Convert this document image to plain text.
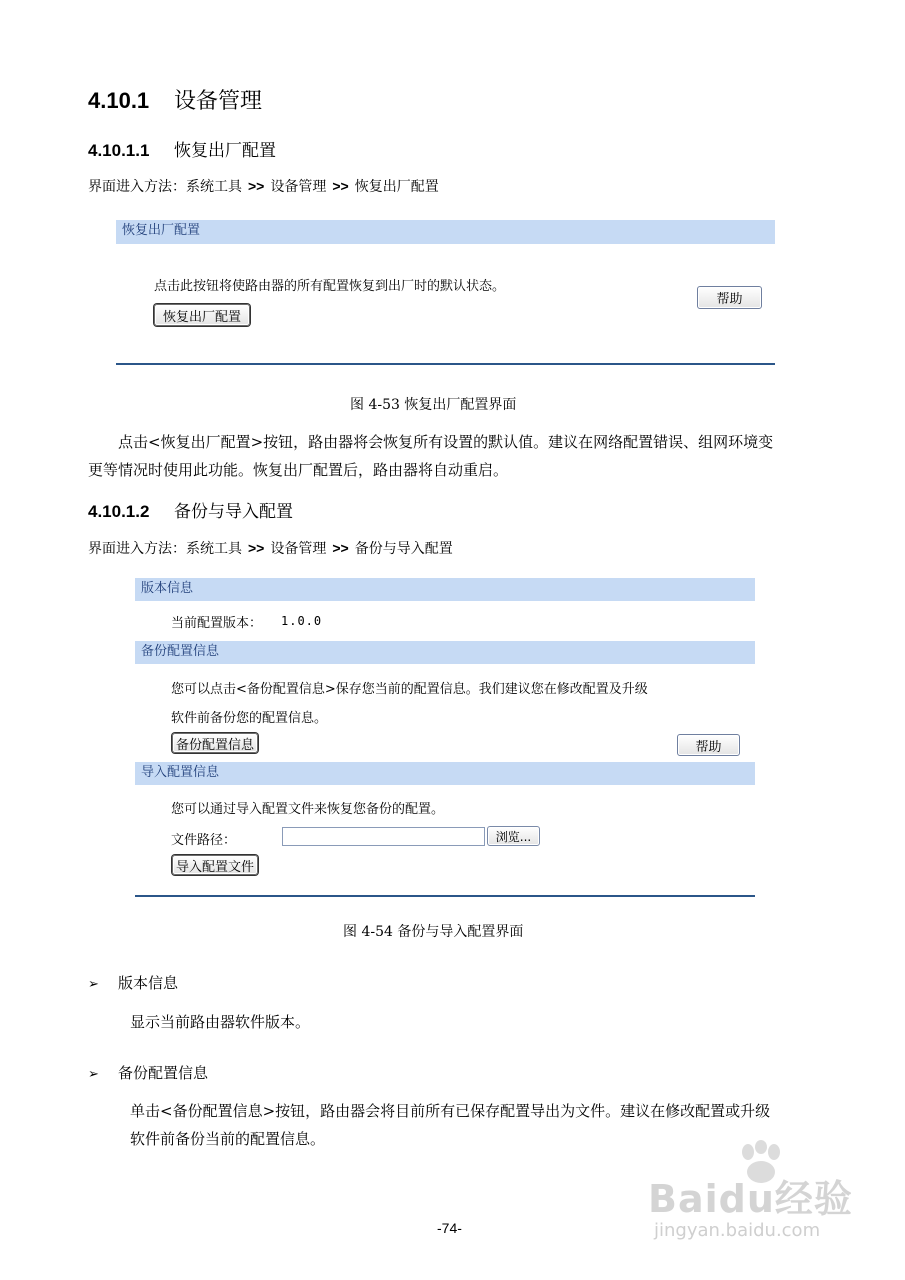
4.10.1 设备管理
4.10.1.1 恢复出厂配置
界面进入方法：系统工具 >> 设备管理 >> 恢复出厂配置
恢复出厂配置
点击此按钮将使路由器的所有配置恢复到出厂时的默认状态。
恢复出厂配置
帮助
图 4-53 恢复出厂配置界面
点击<恢复出厂配置>按钮，路由器将会恢复所有设置的默认值。建议在网络配置错误、组网环境变
更等情况时使用此功能。恢复出厂配置后，路由器将自动重启。
4.10.1.2 备份与导入配置
界面进入方法：系统工具 >> 设备管理 >> 备份与导入配置
版本信息
当前配置版本： 1.0.0
备份配置信息
您可以点击<备份配置信息>保存您当前的配置信息。我们建议您在修改配置及升级
软件前备份您的配置信息。
备份配置信息	帮助
导入配置信息
您可以通过导入配置文件来恢复您备份的配置。
文件路径：	浏览...
导入配置文件
图 4-54 备份与导入配置界面
➢ 版本信息
显示当前路由器软件版本。
➢ 备份配置信息
单击<备份配置信息>按钮，路由器会将目前所有已保存配置导出为文件。建议在修改配置或升级
软件前备份当前的配置信息。
-74-
Baidu经验
jingyan.baidu.com
